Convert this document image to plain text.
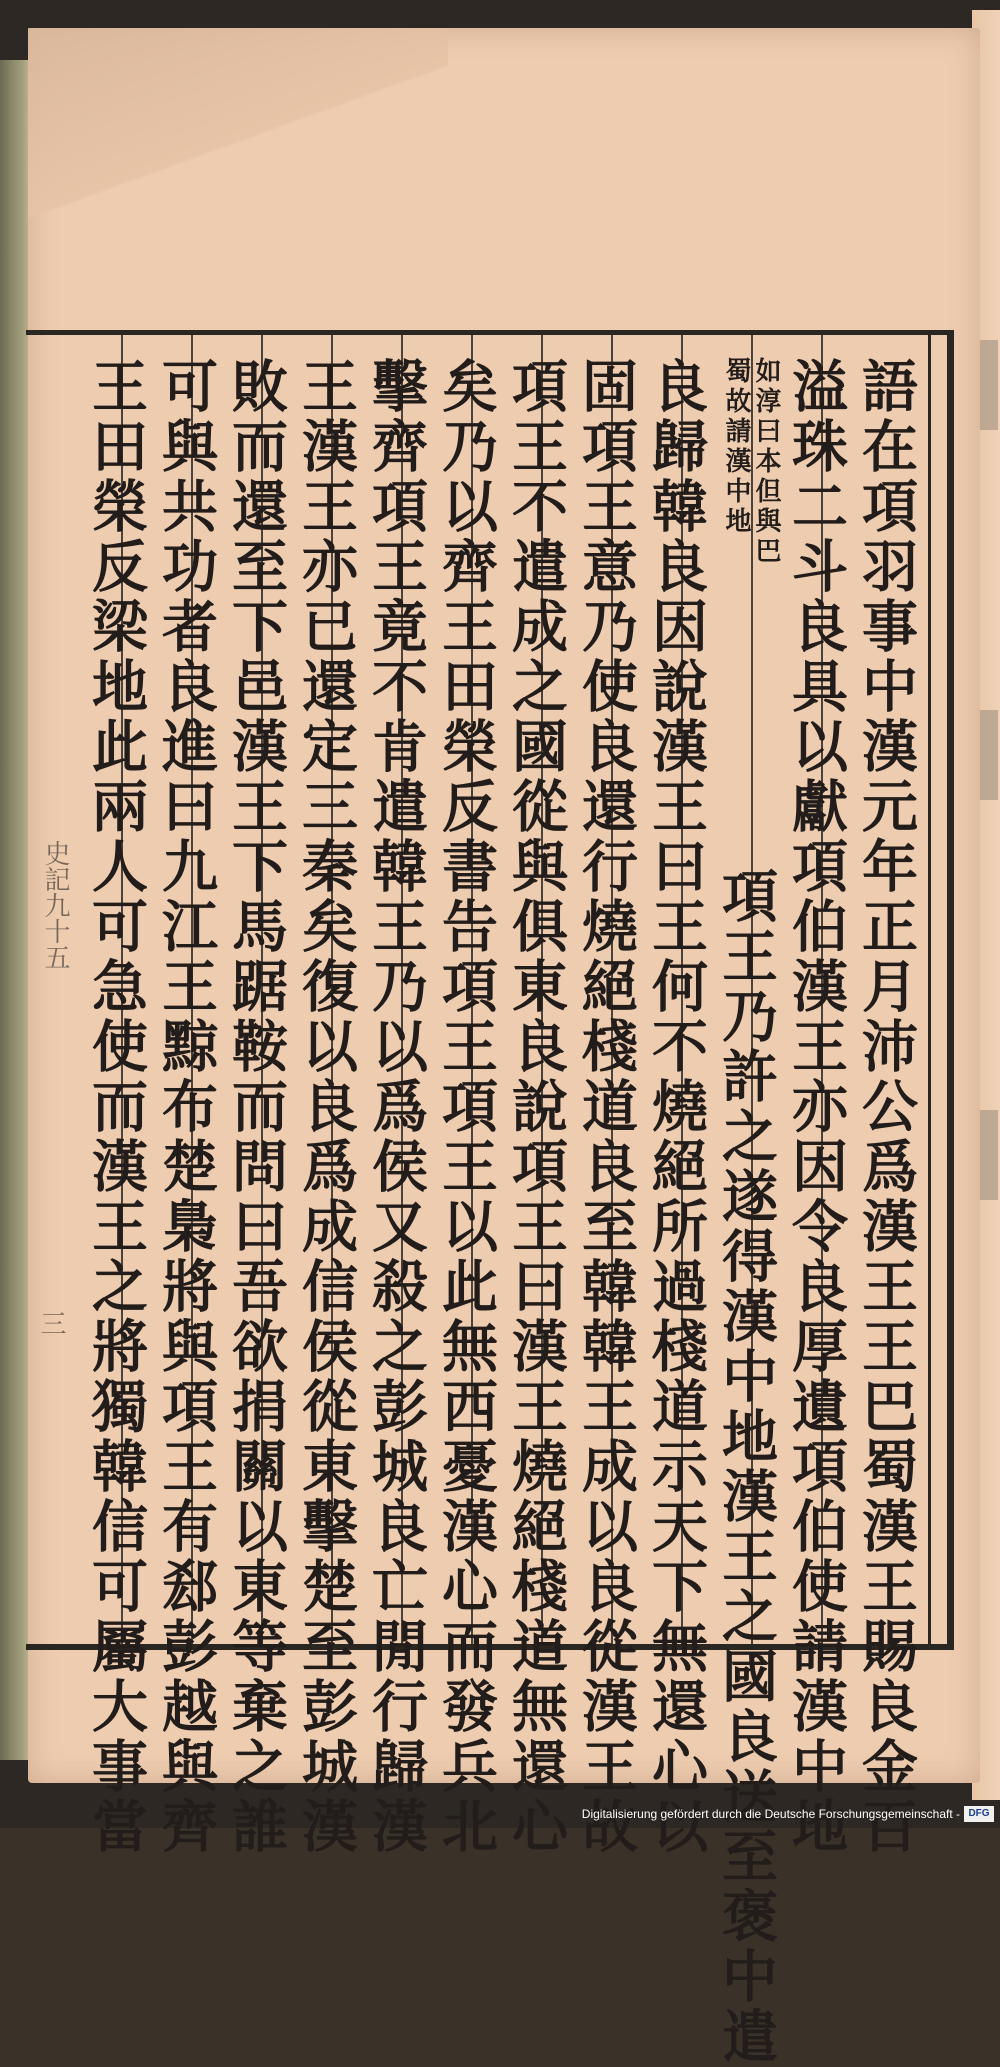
語在項羽事中漢元年正月沛公爲漢王王巴蜀漢王賜良金百
溢珠二斗良具以獻項伯漢王亦因令良厚遺項伯使請漢中地
如淳曰本但與巴
蜀故請漢中地
項王乃許之遂得漢中地漢王之國良送至褒中遣
良歸韓良因說漢王曰王何不燒絕所過棧道示天下無還心以
固項王意乃使良還行燒絕棧道良至韓韓王成以良從漢王故
項王不遣成之國從與俱東良說項王曰漢王燒絕棧道無還心
矣乃以齊王田榮反書告項王項王以此無西憂漢心而發兵北
擊齊項王竟不肯遣韓王乃以爲侯又殺之彭城良亡閒行歸漢
王漢王亦已還定三秦矣復以良爲成信侯從東擊楚至彭城漢
敗而還至下邑漢王下馬踞鞍而問曰吾欲捐關以東等棄之誰
可與共功者良進曰九江王黥布楚梟將與項王有郄彭越與齊
王田榮反梁地此兩人可急使而漢王之將獨韓信可屬大事當
史記九十五
三
Digitalisierung gefördert durch die Deutsche Forschungsgemeinschaft - DFG
